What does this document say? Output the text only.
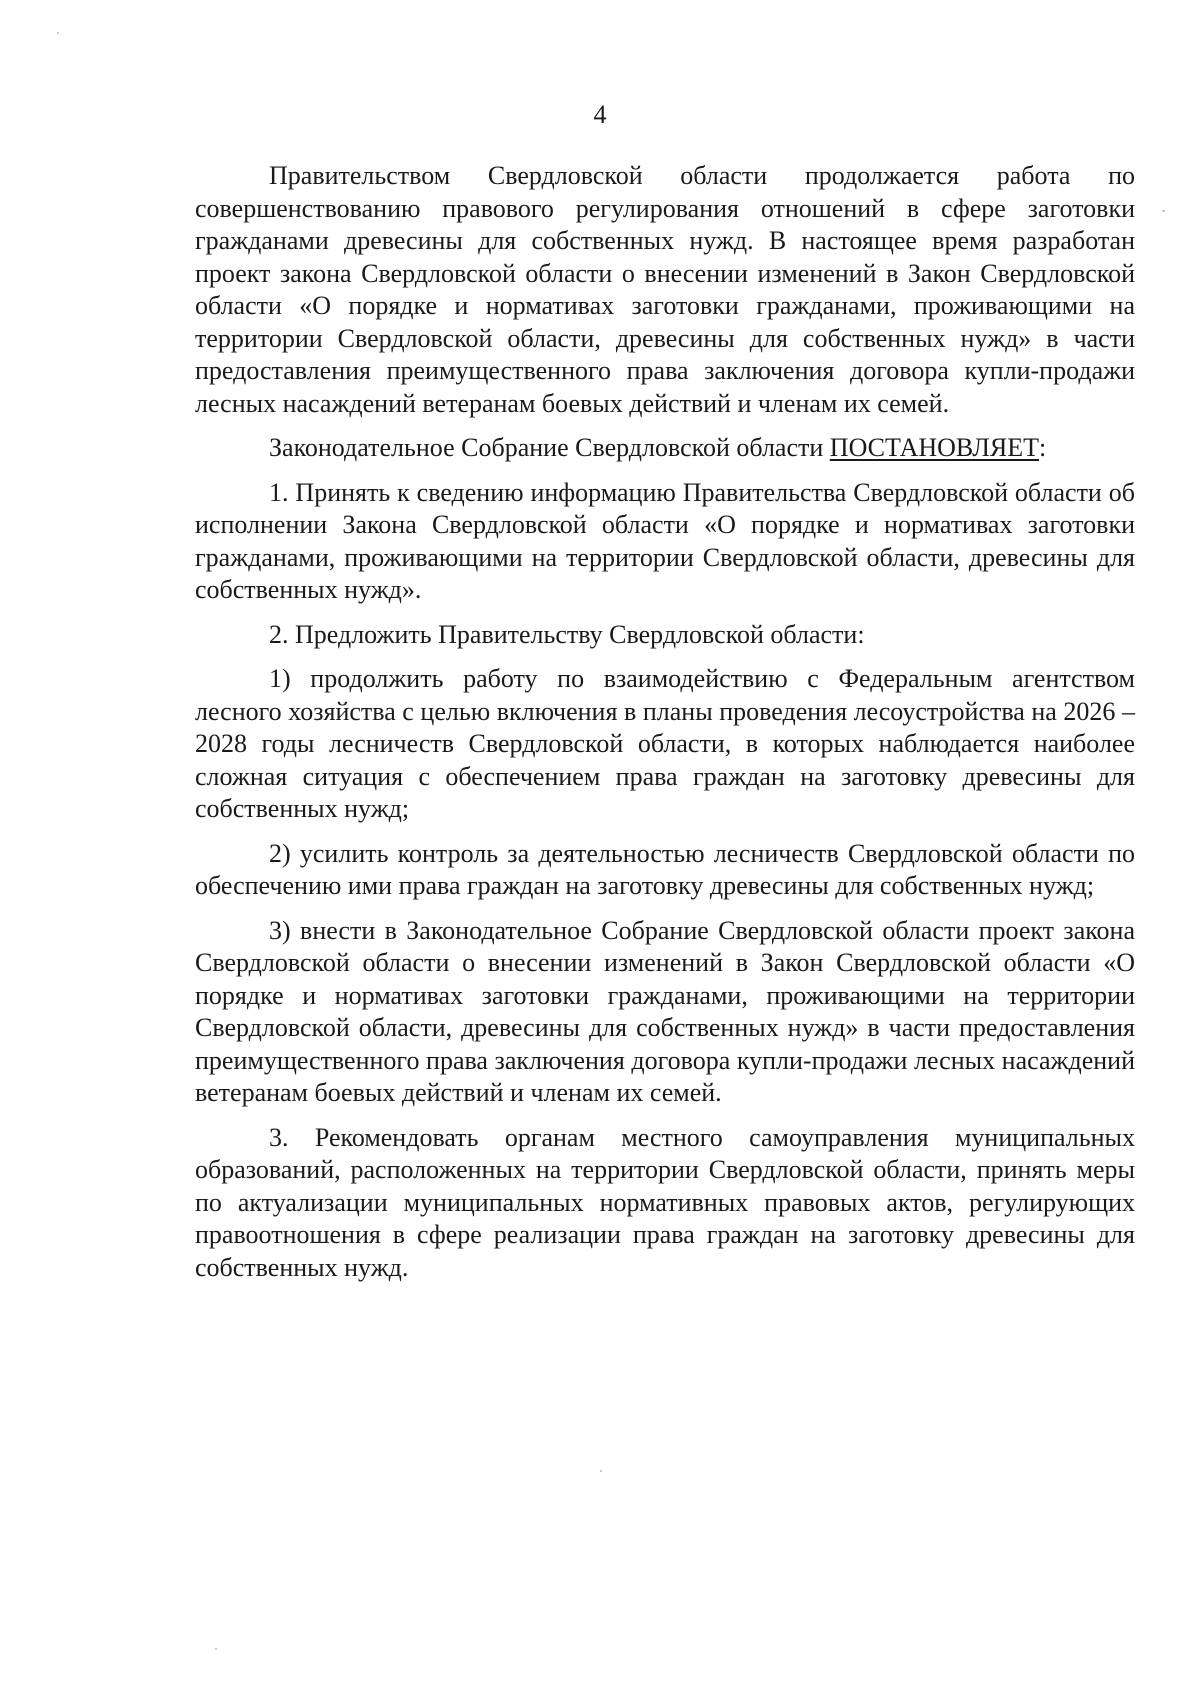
4

Правительством Свердловской области продолжается работа по совершенствованию правового регулирования отношений в сфере заготовки гражданами древесины для собственных нужд. В настоящее время разработан проект закона Свердловской области о внесении изменений в Закон Свердловской области «О порядке и нормативах заготовки гражданами, проживающими на территории Свердловской области, древесины для собственных нужд» в части предоставления преимущественного права заключения договора купли-продажи лесных насаждений ветеранам боевых действий и членам их семей.

Законодательное Собрание Свердловской области ПОСТАНОВЛЯЕТ:

1. Принять к сведению информацию Правительства Свердловской области об исполнении Закона Свердловской области «О порядке и нормативах заготовки гражданами, проживающими на территории Свердловской области, древесины для собственных нужд».

2. Предложить Правительству Свердловской области:

1) продолжить работу по взаимодействию с Федеральным агентством лесного хозяйства с целью включения в планы проведения лесоустройства на 2026 – 2028 годы лесничеств Свердловской области, в которых наблюдается наиболее сложная ситуация с обеспечением права граждан на заготовку древесины для собственных нужд;

2) усилить контроль за деятельностью лесничеств Свердловской области по обеспечению ими права граждан на заготовку древесины для собственных нужд;

3) внести в Законодательное Собрание Свердловской области проект закона Свердловской области о внесении изменений в Закон Свердловской области «О порядке и нормативах заготовки гражданами, проживающими на территории Свердловской области, древесины для собственных нужд» в части предоставления преимущественного права заключения договора купли-продажи лесных насаждений ветеранам боевых действий и членам их семей.

3. Рекомендовать органам местного самоуправления муниципальных образований, расположенных на территории Свердловской области, принять меры по актуализации муниципальных нормативных правовых актов, регулирующих правоотношения в сфере реализации права граждан на заготовку древесины для собственных нужд.
